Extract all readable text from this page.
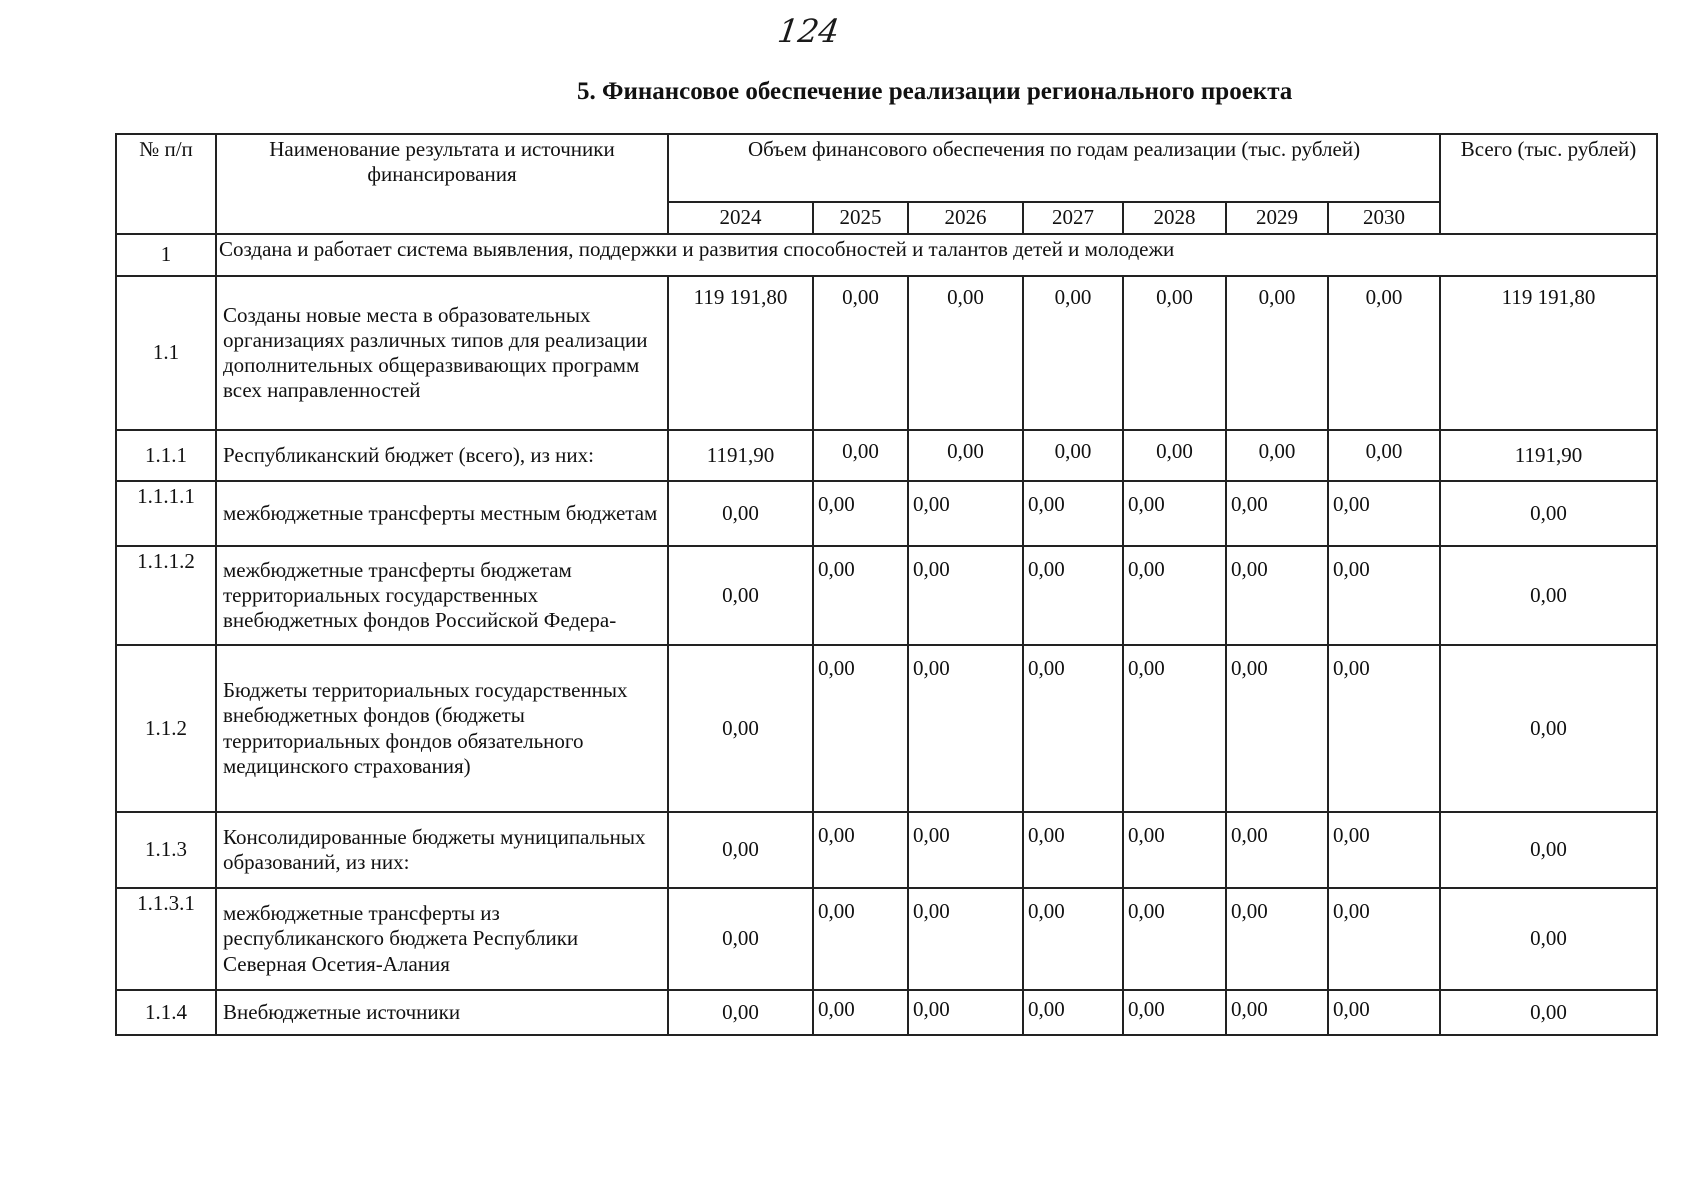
124
5. Финансовое обеспечение реализации регионального проекта
№ п/п	Наименование результата и источники финансирования	Объем финансового обеспечения по годам реализации (тыс. рублей)							Всего (тыс. рублей)
		2024	2025	2026	2027	2028	2029	2030	
1	Создана и работает система выявления, поддержки и развития способностей и талантов детей и молодежи								
1.1	Созданы новые места в образовательных организациях различных типов для реализации дополнительных общеразвивающих программ всех направленностей	119 191,80	0,00	0,00	0,00	0,00	0,00	0,00	119 191,80
1.1.1	Республиканский бюджет (всего), из них:	1191,90	0,00	0,00	0,00	0,00	0,00	0,00	1191,90
1.1.1.1	межбюджетные трансферты местным бюджетам	0,00	0,00	0,00	0,00	0,00	0,00	0,00	0,00
1.1.1.2	межбюджетные трансферты бюджетам территориальных государственных внебюджетных фондов Российской Федера-	0,00	0,00	0,00	0,00	0,00	0,00	0,00	0,00
1.1.2	Бюджеты территориальных государственных внебюджетных фондов (бюджеты территориальных фондов обязательного медицинского страхования)	0,00	0,00	0,00	0,00	0,00	0,00	0,00	0,00
1.1.3	Консолидированные бюджеты муниципальных образований, из них:	0,00	0,00	0,00	0,00	0,00	0,00	0,00	0,00
1.1.3.1	межбюджетные трансферты из республиканского бюджета Республики Северная Осетия-Алания	0,00	0,00	0,00	0,00	0,00	0,00	0,00	0,00
1.1.4	Внебюджетные источники	0,00	0,00	0,00	0,00	0,00	0,00	0,00	0,00
